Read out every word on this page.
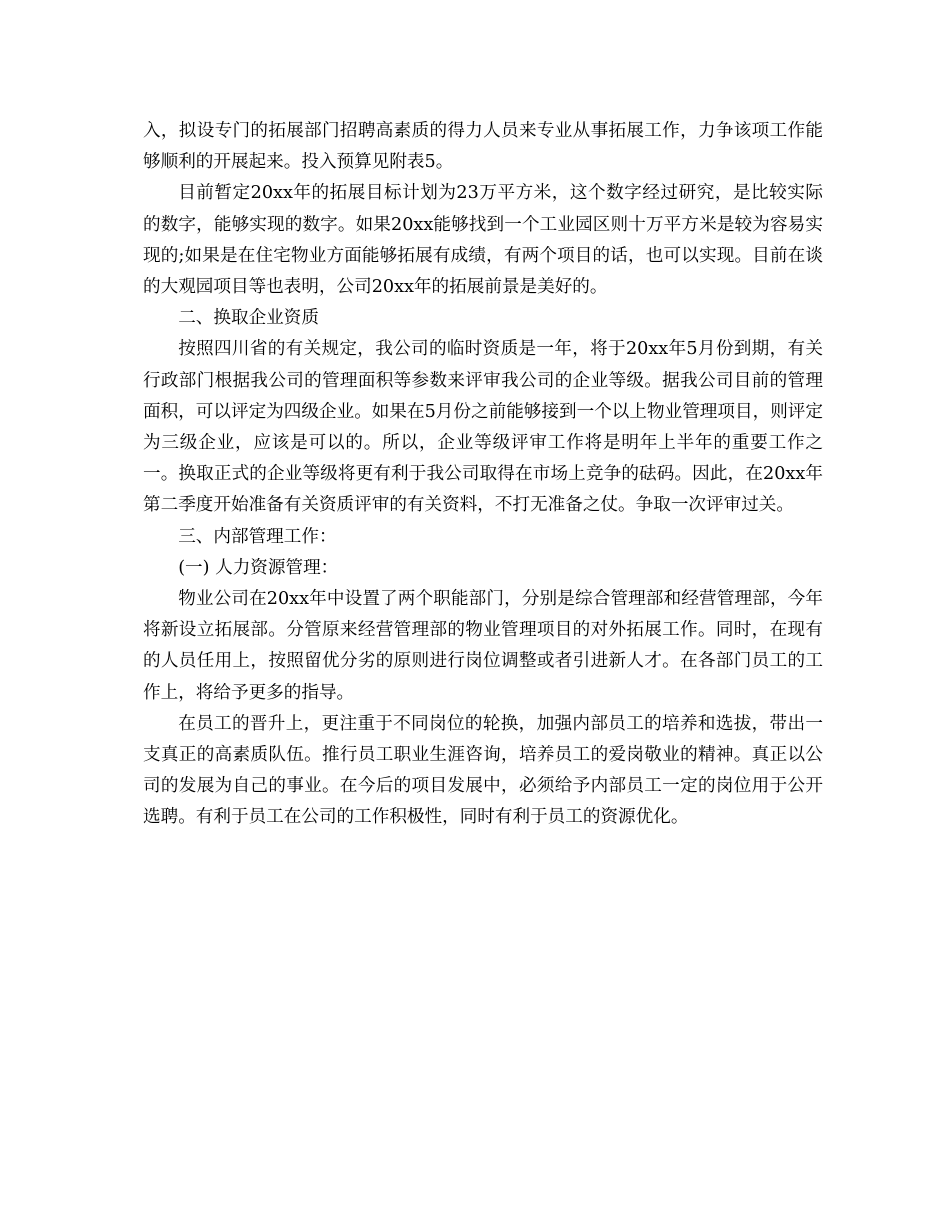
入，拟设专门的拓展部门招聘高素质的得力人员来专业从事拓展工作，力争该项工作能够顺利的开展起来。投入预算见附表5。

目前暂定20xx年的拓展目标计划为23万平方米，这个数字经过研究，是比较实际的数字，能够实现的数字。如果20xx能够找到一个工业园区则十万平方米是较为容易实现的;如果是在住宅物业方面能够拓展有成绩，有两个项目的话，也可以实现。目前在谈的大观园项目等也表明，公司20xx年的拓展前景是美好的。

二、换取企业资质

按照四川省的有关规定，我公司的临时资质是一年，将于20xx年5月份到期，有关行政部门根据我公司的管理面积等参数来评审我公司的企业等级。据我公司目前的管理面积，可以评定为四级企业。如果在5月份之前能够接到一个以上物业管理项目，则评定为三级企业，应该是可以的。所以，企业等级评审工作将是明年上半年的重要工作之一。换取正式的企业等级将更有利于我公司取得在市场上竞争的砝码。因此，在20xx年第二季度开始准备有关资质评审的有关资料，不打无准备之仗。争取一次评审过关。

三、内部管理工作：

(一) 人力资源管理：

物业公司在20xx年中设置了两个职能部门，分别是综合管理部和经营管理部，今年将新设立拓展部。分管原来经营管理部的物业管理项目的对外拓展工作。同时，在现有的人员任用上，按照留优分劣的原则进行岗位调整或者引进新人才。在各部门员工的工作上，将给予更多的指导。

在员工的晋升上，更注重于不同岗位的轮换，加强内部员工的培养和选拔，带出一支真正的高素质队伍。推行员工职业生涯咨询，培养员工的爱岗敬业的精神。真正以公司的发展为自己的事业。在今后的项目发展中，必须给予内部员工一定的岗位用于公开选聘。有利于员工在公司的工作积极性，同时有利于员工的资源优化。
